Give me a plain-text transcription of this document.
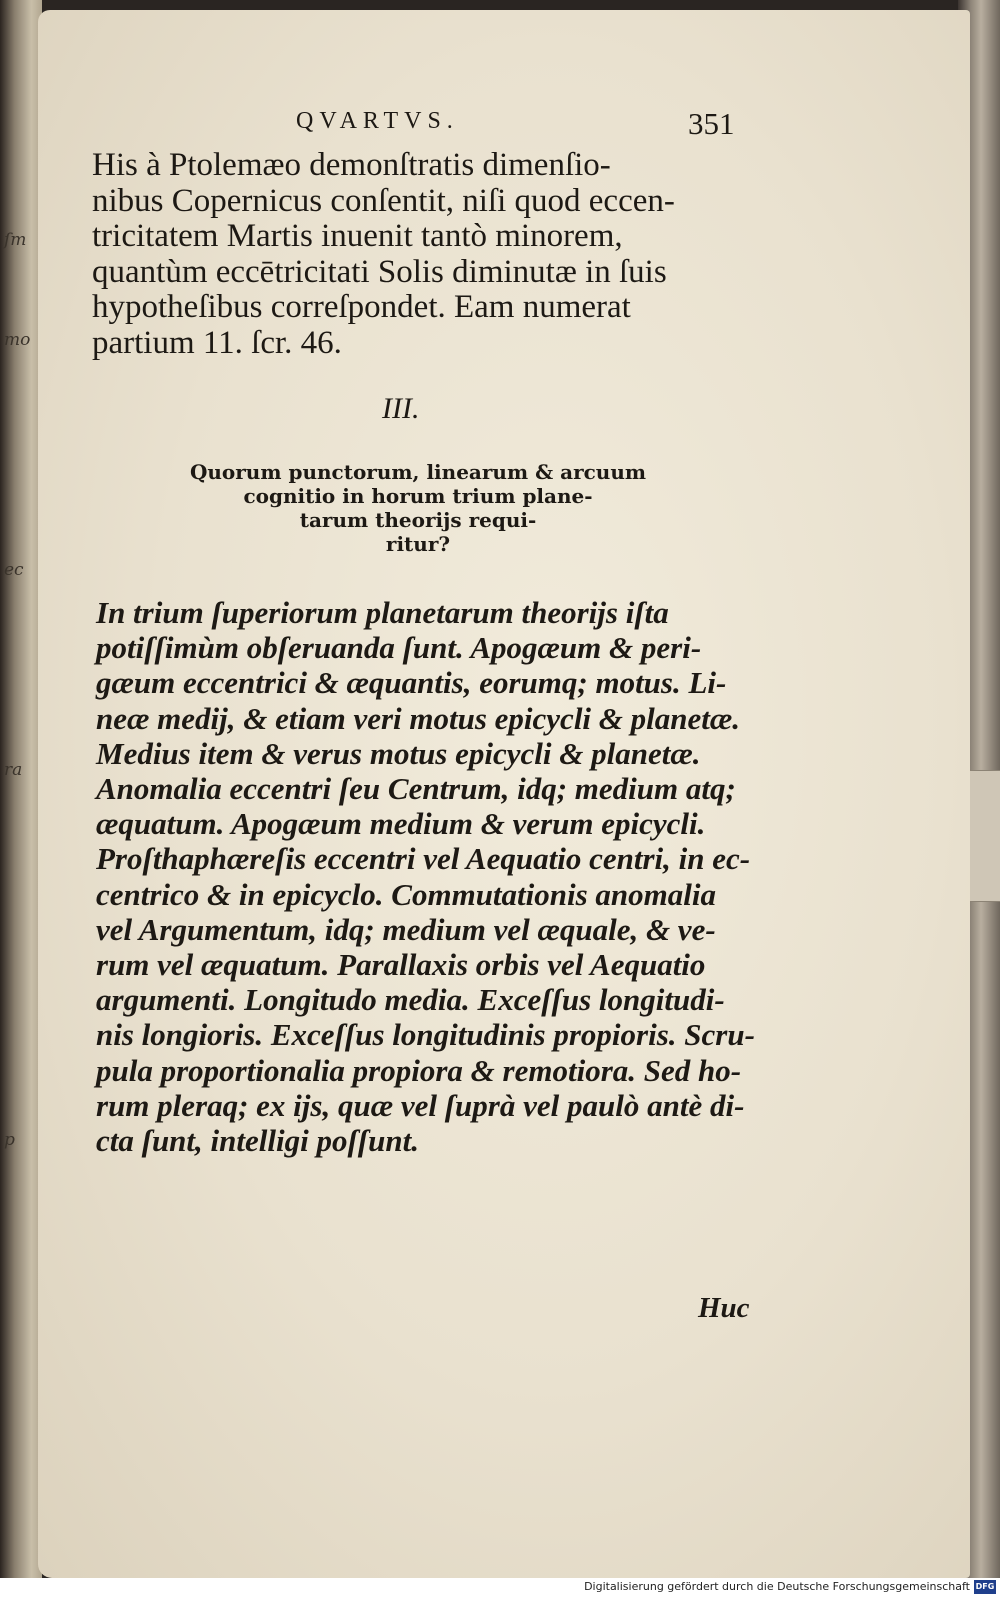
ſm
mo
ec
ra
p
QVARTVS.	351
His à Ptolemæo demonſtratis dimenſio-
nibus Copernicus conſentit, niſi quod eccen-
tricitatem Martis inuenit tantò minorem,
quantùm eccētricitati Solis diminutæ in ſuis
hypotheſibus correſpondet. Eam numerat
partium 11. ſcr. 46.
III.
Quorum punctorum, linearum & arcuum
cognitio in horum trium plane-
tarum theorijs requi-
ritur?
In trium ſuperiorum planetarum theorijs iſta
potiſſimùm obſeruanda ſunt. Apogæum & peri-
gæum eccentrici & æquantis, eorumq; motus. Li-
neæ medij, & etiam veri motus epicycli & planetæ.
Medius item & verus motus epicycli & planetæ.
Anomalia eccentri ſeu Centrum, idq; medium atq;
æquatum. Apogæum medium & verum epicycli.
Proſthaphæreſis eccentri vel Aequatio centri, in ec-
centrico & in epicyclo. Commutationis anomalia
vel Argumentum, idq; medium vel æquale, & ve-
rum vel æquatum. Parallaxis orbis vel Aequatio
argumenti. Longitudo media. Exceſſus longitudi-
nis longioris. Exceſſus longitudinis propioris. Scru-
pula proportionalia propiora & remotiora. Sed ho-
rum pleraq; ex ijs, quæ vel ſuprà vel paulò antè di-
cta ſunt, intelligi poſſunt.
Huc
Digitalisierung gefördert durch die Deutsche Forschungsgemeinschaft DFG
